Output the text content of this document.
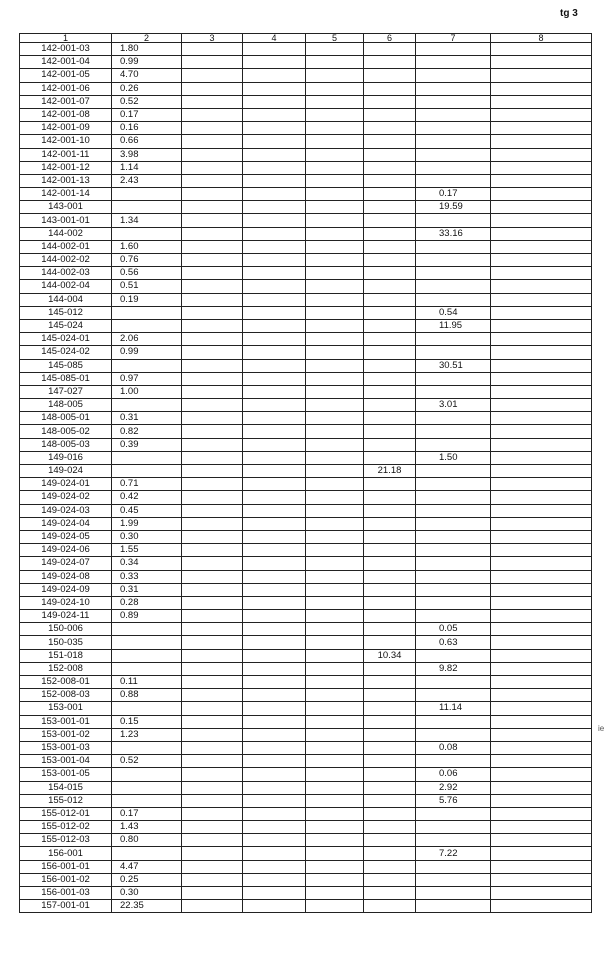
tg 3
ie
1	2	3	4	5	6	7	8
142-001-03	1.80						
142-001-04	0.99						
142-001-05	4.70						
142-001-06	0.26						
142-001-07	0.52						
142-001-08	0.17						
142-001-09	0.16						
142-001-10	0.66						
142-001-11	3.98						
142-001-12	1.14						
142-001-13	2.43						
142-001-14						0.17	
143-001						19.59	
143-001-01	1.34						
144-002						33.16	
144-002-01	1.60						
144-002-02	0.76						
144-002-03	0.56						
144-002-04	0.51						
144-004	0.19						
145-012						0.54	
145-024						11.95	
145-024-01	2.06						
145-024-02	0.99						
145-085						30.51	
145-085-01	0.97						
147-027	1.00						
148-005						3.01	
148-005-01	0.31						
148-005-02	0.82						
148-005-03	0.39						
149-016						1.50	
149-024					21.18		
149-024-01	0.71						
149-024-02	0.42						
149-024-03	0.45						
149-024-04	1.99						
149-024-05	0.30						
149-024-06	1.55						
149-024-07	0.34						
149-024-08	0.33						
149-024-09	0.31						
149-024-10	0.28						
149-024-11	0.89						
150-006						0.05	
150-035						0.63	
151-018					10.34		
152-008						9.82	
152-008-01	0.11						
152-008-03	0.88						
153-001						11.14	
153-001-01	0.15						
153-001-02	1.23						
153-001-03						0.08	
153-001-04	0.52						
153-001-05						0.06	
154-015						2.92	
155-012						5.76	
155-012-01	0.17						
155-012-02	1.43						
155-012-03	0.80						
156-001						7.22	
156-001-01	4.47						
156-001-02	0.25						
156-001-03	0.30						
157-001-01	22.35						
